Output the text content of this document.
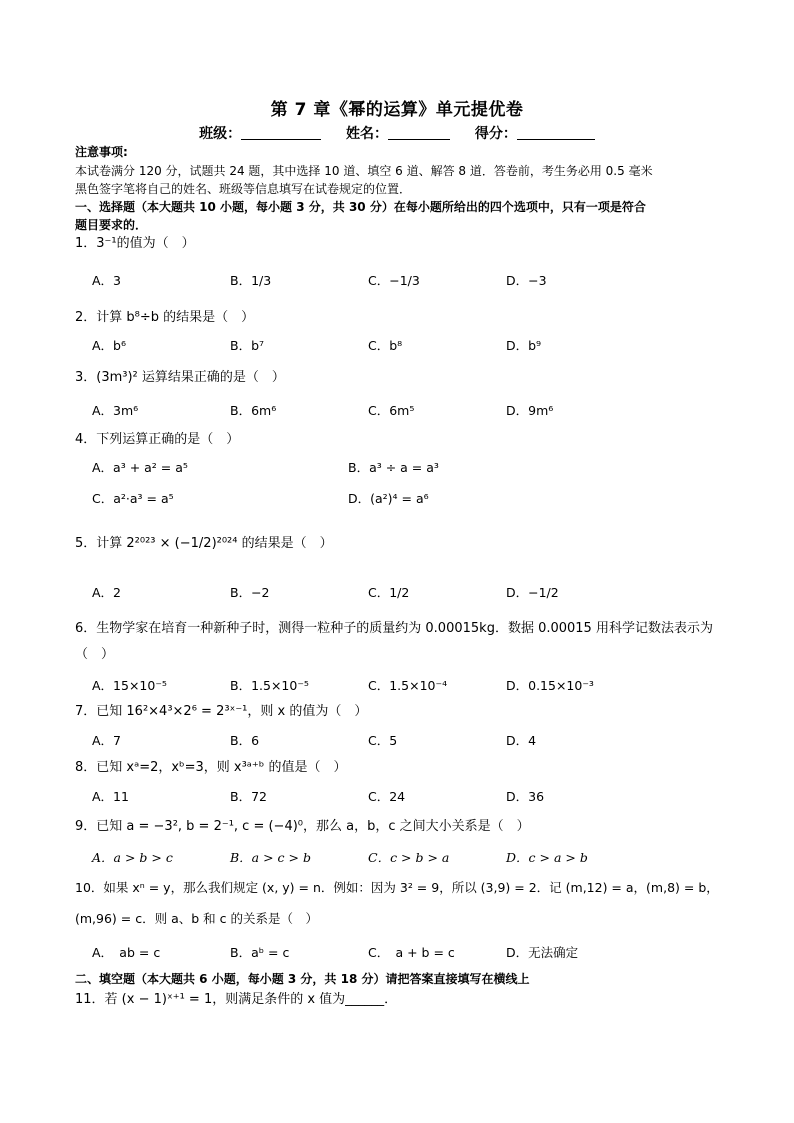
第 7 章《幂的运算》单元提优卷
班级：	姓名：	得分：
注意事项:
本试卷满分 120 分，试题共 24 题，其中选择 10 道、填空 6 道、解答 8 道．答卷前，考生务必用 0.5 毫米
黑色签字笔将自己的姓名、班级等信息填写在试卷规定的位置．
一、选择题（本大题共 10 小题，每小题 3 分，共 30 分）在每小题所给出的四个选项中，只有一项是符合
题目要求的．
1．3⁻¹的值为（　）
A．3	B．1/3	C．−1/3	D．−3
2．计算 b⁸÷b 的结果是（　）
A．b⁶	B．b⁷	C．b⁸	D．b⁹
3．(3m³)² 运算结果正确的是（　）
A．3m⁶	B．6m⁶	C．6m⁵	D．9m⁶
4．下列运算正确的是（　）
A．a³ + a² = a⁵	B．a³ ÷ a = a³
C．a²·a³ = a⁵	D．(a²)⁴ = a⁶
5．计算 2²⁰²³ × (−1/2)²⁰²⁴ 的结果是（　）
A．2	B．−2	C．1/2	D．−1/2
6．生物学家在培育一种新种子时，测得一粒种子的质量约为 0.00015kg．数据 0.00015 用科学记数法表示为
（　）
A．15×10⁻⁵	B．1.5×10⁻⁵	C．1.5×10⁻⁴	D．0.15×10⁻³
7．已知 16²×4³×2⁶ = 2³ˣ⁻¹，则 x 的值为（　）
A．7	B．6	C．5	D．4
8．已知 xᵃ=2，xᵇ=3，则 x³ᵃ⁺ᵇ 的值是（　）
A．11	B．72	C．24	D．36
9．已知 a = −3², b = 2⁻¹, c = (−4)⁰，那么 a，b，c 之间大小关系是（　）
A．a > b > c	B．a > c > b	C．c > b > a	D．c > a > b
10．如果 xⁿ = y，那么我们规定 (x, y) = n．例如：因为 3² = 9，所以 (3,9) = 2．记 (m,12) = a，(m,8) = b，
(m,96) = c．则 a、b 和 c 的关系是（　）
A．　ab = c	B．aᵇ = c	C．　a + b = c	D．无法确定
二、填空题（本大题共 6 小题，每小题 3 分，共 18 分）请把答案直接填写在横线上
11．若 (x − 1)ˣ⁺¹ = 1，则满足条件的 x 值为______．
